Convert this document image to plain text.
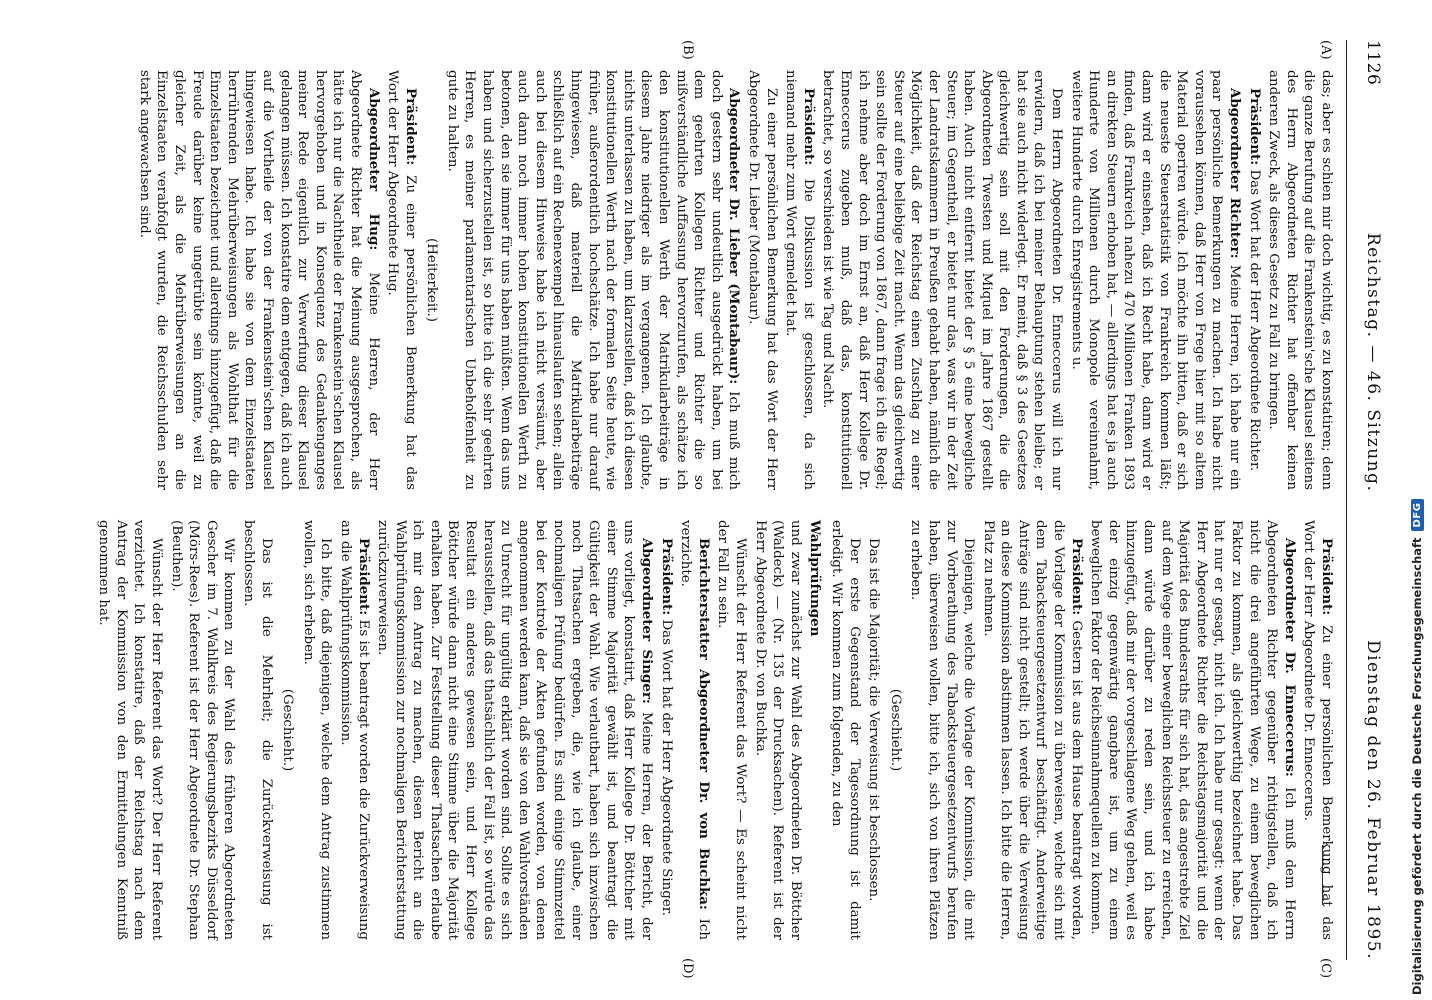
1126
Reichstag. — 46. Sitzung.
Dienstag den 26. Februar 1895.
(A)
(B)
(C)
(D)

das; aber es schien mir doch wichtig, es zu konstatiren; denn die ganze Berufung auf die Frankenstein'sche Klausel seitens des Herrn Abgeordneten Richter hat offenbar keinen anderen Zweck, als dieses Gesetz zu Fall zu bringen.

Präsident: Das Wort hat der Herr Abgeordnete Richter.

Abgeordneter Richter: Meine Herren, ich habe nur ein paar persönliche Bemerkungen zu machen. Ich habe nicht voraussehen können, daß Herr von Frege hier mit so altem Material operiren würde. Ich möchte ihn bitten, daß er sich die neueste Steuerstatistik von Frankreich kommen läßt; dann wird er einsehen, daß ich Recht habe, dann wird er finden, daß Frankreich nahezu 470 Millionen Franken 1893 an direkten Steuern erhoben hat, — allerdings hat es ja auch Hunderte von Millionen durch Monopole vereinnahmt, weitere Hunderte durch Enregistrements u.

Dem Herrn Abgeordneten Dr. Enneccerus will ich nur erwidern, daß ich bei meiner Behauptung stehen bleibe; er hat sie auch nicht widerlegt. Er meint, daß § 3 des Gesetzes gleichwertig sein soll mit den Forderungen, die die Abgeordneten Twesten und Miquel im Jahre 1867 gestellt haben. Auch nicht entfernt bietet der § 5 eine bewegliche Steuer; im Gegentheil, er bietet nur das, was wir in der Zeit der Landratskammern in Preußen gehabt haben, nämlich die Möglichkeit, daß der Reichstag einen Zuschlag zu einer Steuer auf eine beliebige Zeit macht. Wenn das gleichwertig sein sollte der Forderung von 1867, dann frage ich die Regel; ich nehme aber doch im Ernst an, daß Herr Kollege Dr. Enneccerus zugeben muß, daß das, konstitutionell betrachtet, so verschieden ist wie Tag und Nacht.

Präsident: Die Diskussion ist geschlossen, da sich niemand mehr zum Wort gemeldet hat.

Zu einer persönlichen Bemerkung hat das Wort der Herr Abgeordnete Dr. Lieber (Montabaur).

Abgeordneter Dr. Lieber (Montabaur): Ich muß mich doch gestern sehr undeutlich ausgedrückt haben, um bei dem geehrten Kollegen Richter und Richter die so mißverständliche Auffassung hervorzurufen, als schätze ich den konstitutionellen Werth der Matrikularbeiträge in diesem Jahre niedriger als im vergangenen. Ich glaubte, nichts unterlassen zu haben, um klarzustellen, daß ich diesen konstitutionellen Werth nach der formalen Seite heute, wie früher, außerordentlich hochschätze. Ich habe nur darauf hingewiesen, daß materiell die Matrikularbeiträge schließlich auf ein Rechenexempel hinauslaufen sehen; allein auch bei diesem Hinweise habe ich nicht versäumt, aber auch dann noch immer hohen konstitutionellen Werth zu betonen, den sie immer für uns haben müßten. Wenn das uns haben und sicherzustellen ist, so bitte ich die sehr geehrten Herren, es meiner parlamentarischen Unbeholfenheit zu gute zu halten.

(Heiterkeit.)

Präsident: Zu einer persönlichen Bemerkung hat das Wort der Herr Abgeordnete Hug.

Abgeordneter Hug: Meine Herren, der Herr Abgeordnete Richter hat die Meinung ausgesprochen, als hätte ich nur die Nachtheile der Frankenstein'schen Klausel hervorgehoben und in Konsequenz des Gedankenganges meiner Rede eigentlich zur Verwerfung dieser Klausel gelangen müssen. Ich konstatire dem entgegen, daß ich auch auf die Vortheile der von der Frankenstein'schen Klausel hingewiesen habe. Ich habe sie von dem Einzelstaaten herrührenden Mehrüberweisungen als Wohlthat für die Einzelstaaten bezeichnet und allerdings hinzugefügt, daß die Freude darüber keine ungetrübte sein könnte, weil zu gleicher Zeit, als die Mehrüberweisungen an die Einzelstaaten verabfolgt wurden, die Reichsschulden sehr stark angewachsen sind.

Präsident: Zu einer persönlichen Bemerkung hat das Wort der Herr Abgeordnete Dr. Enneccerus.

Abgeordneter Dr. Enneccerus: Ich muß dem Herrn Abgeordneten Richter gegenüber richtigstellen, daß ich nicht die drei angeführten Wege, zu einem beweglichen Faktor zu kommen, als gleichwerthig bezeichnet habe. Das hat nur er gesagt, nicht ich. Ich habe nur gesagt: wenn der Herr Abgeordnete Richter die Reichstagsmajorität und die Majorität des Bundesraths für sich hat, das angestrebte Ziel auf dem Wege einer beweglichen Reichssteuer zu erreichen, dann würde darüber zu reden sein, und ich habe hinzugefügt, daß mir der vorgeschlagene Weg gehen, weil es der einzig gegenwärtig gangbare ist, um zu einem beweglichen Faktor der Reichseinnahmequellen zu kommen.

Präsident: Gestern ist aus dem Hause beantragt worden, die Vorlage der Kommission zu überweisen, welche sich mit dem Tabacksteuergesetzentwurf beschäftigt. Anderweitige Anträge sind nicht gestellt; ich werde über die Verweisung an diese Kommission abstimmen lassen. Ich bitte die Herren, Platz zu nehmen.

Diejenigen, welche die Vorlage der Kommission, die mit zur Vorberathung des Tabacksteuergesetzentwurfs berufen haben, überweisen wollen, bitte ich, sich von ihren Plätzen zu erheben.

(Geschieht.)

Das ist die Majorität; die Verweisung ist beschlossen.

Der erste Gegenstand der Tagesordnung ist damit erledigt. Wir kommen zum folgenden, zu den

Wahlprüfungen

und zwar zunächst zur Wahl des Abgeordneten Dr. Böttcher (Waldeck) — (Nr. 135 der Drucksachen). Referent ist der Herr Abgeordnete Dr. von Buchka.

Wünscht der Herr Referent das Wort? — Es scheint nicht der Fall zu sein.

Berichterstatter Abgeordneter Dr. von Buchka: Ich verzichte.

Präsident: Das Wort hat der Herr Abgeordnete Singer.

Abgeordneter Singer: Meine Herren, der Bericht, der uns vorliegt, konstatirt, daß Herr Kollege Dr. Böttcher mit einer Stimme Majorität gewählt ist, und beantragt die Gültigkeit der Wahl. Wie verlautbart, haben sich inzwischen noch Thatsachen ergeben, die, wie ich glaube, einer nochmaligen Prüfung bedürfen. Es sind einige Stimmzettel bei der Kontrole der Akten gefunden worden, von denen angenommen werden kann, daß sie von den Wahlvorständen zu Unrecht für ungültig erklärt worden sind. Sollte es sich herausstellen, daß das thatsächlich der Fall ist, so würde das Resultat ein anderes gewesen sein, und Herr Kollege Böttcher würde dann nicht eine Stimme über die Majorität erhalten haben. Zur Feststellung dieser Thatsachen erlaube ich mir den Antrag zu machen, diesen Bericht an die Wahlprüfungskommission zur nochmaligen Berichterstattung zurückzuverweisen.

Präsident: Es ist beantragt worden die Zurückverweisung an die Wahlprüfungskommission.

Ich bitte, daß diejenigen, welche dem Antrag zustimmen wollen, sich erheben.

(Geschieht.)

Das ist die Mehrheit; die Zurückverweisung ist beschlossen.

Wir kommen zu der Wahl des früheren Abgeordneten Gescher im 7. Wahlkreis des Regierungsbezirks Düsseldorf (Mörs-Rees). Referent ist der Herr Abgeordnete Dr. Stephan (Beuthen).

Wünscht der Herr Referent das Wort? Der Herr Referent verzichtet. Ich konstatire, daß der Reichstag nach dem Antrag der Kommission von den Ermittelungen Kenntniß genommen hat.	Digitalisierung gefördert durch die Deutsche Forschungsgemeinschaft
DFG
